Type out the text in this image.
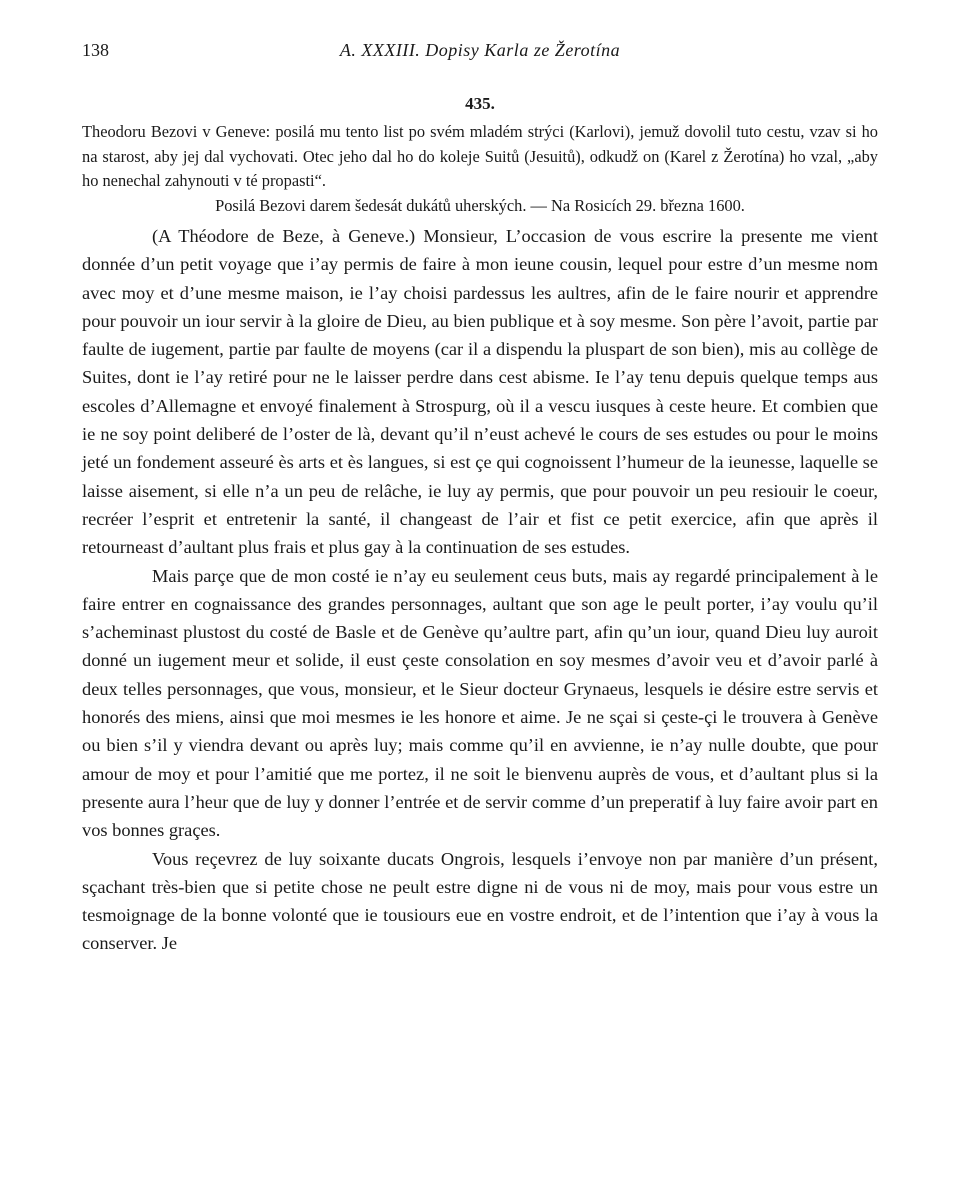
138	A. XXXIII. Dopisy Karla ze Žerotína
435.

Theodoru Bezovi v Geneve: posilá mu tento list po svém mladém strýci (Karlovi), jemuž dovolil tuto cestu, vzav si ho na starost, aby jej dal vychovati. Otec jeho dal ho do koleje Suitů (Jesuitů), odkudž on (Karel z Žerotína) ho vzal, „aby ho nenechal zahynouti v té propasti“.

Posilá Bezovi darem šedesát dukátů uherských. — Na Rosicích 29. března 1600.

(A Théodore de Beze, à Geneve.) Monsieur, L’occasion de vous escrire la presente me vient donnée d’un petit voyage que i’ay permis de faire à mon ieune cousin, lequel pour estre d’un mesme nom avec moy et d’une mesme maison, ie l’ay choisi pardessus les aultres, afin de le faire nourir et apprendre pour pouvoir un iour servir à la gloire de Dieu, au bien publique et à soy mesme. Son père l’avoit, partie par faulte de iugement, partie par faulte de moyens (car il a dispendu la pluspart de son bien), mis au collège de Suites, dont ie l’ay retiré pour ne le laisser perdre dans cest abisme. Ie l’ay tenu depuis quelque temps aus escoles d’Allemagne et envoyé finalement à Strospurg, où il a vescu iusques à ceste heure. Et combien que ie ne soy point deliberé de l’oster de là, devant qu’il n’eust achevé le cours de ses estudes ou pour le moins jeté un fondement asseuré ès arts et ès langues, si est çe qui cognoissent l’humeur de la ieunesse, laquelle se laisse aisement, si elle n’a un peu de relâche, ie luy ay permis, que pour pouvoir un peu resiouir le coeur, recréer l’esprit et entretenir la santé, il changeast de l’air et fist ce petit exercice, afin que après il retourneast d’aultant plus frais et plus gay à la continuation de ses estudes.

Mais parçe que de mon costé ie n’ay eu seulement ceus buts, mais ay regardé principalement à le faire entrer en cognaissance des grandes personnages, aultant que son age le peult porter, i’ay voulu qu’il s’acheminast plustost du costé de Basle et de Genève qu’aultre part, afin qu’un iour, quand Dieu luy auroit donné un iugement meur et solide, il eust çeste consolation en soy mesmes d’avoir veu et d’avoir parlé à deux telles personnages, que vous, monsieur, et le Sieur docteur Grynaeus, lesquels ie désire estre servis et honorés des miens, ainsi que moi mesmes ie les honore et aime. Je ne sçai si çeste-çi le trouvera à Genève ou bien s’il y viendra devant ou après luy; mais comme qu’il en avvienne, ie n’ay nulle doubte, que pour amour de moy et pour l’amitié que me portez, il ne soit le bienvenu auprès de vous, et d’aultant plus si la presente aura l’heur que de luy y donner l’entrée et de servir comme d’un preperatif à luy faire avoir part en vos bonnes graçes.

Vous reçevrez de luy soixante ducats Ongrois, lesquels i’envoye non par manière d’un présent, sçachant très-bien que si petite chose ne peult estre digne ni de vous ni de moy, mais pour vous estre un tesmoignage de la bonne volonté que ie tousiours eue en vostre endroit, et de l’intention que i’ay à vous la conserver. Je
